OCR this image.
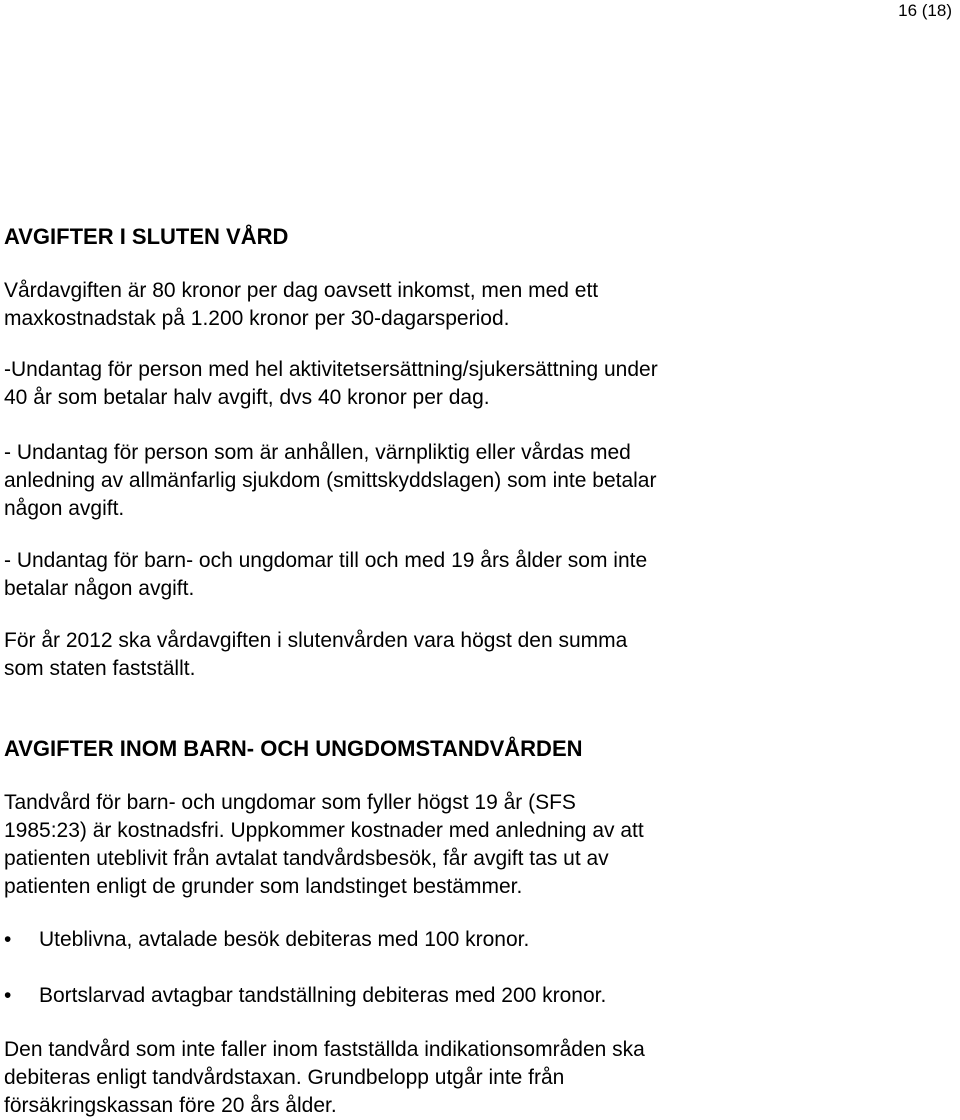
16 (18)
AVGIFTER I SLUTEN VÅRD
Vårdavgiften är 80 kronor per dag oavsett inkomst, men med ett
maxkostnadstak på 1.200 kronor per 30-dagarsperiod.
-Undantag för person med hel aktivitetsersättning/sjukersättning under
40 år som betalar halv avgift, dvs 40 kronor per dag.
- Undantag för person som är anhållen, värnpliktig eller vårdas med
anledning av allmänfarlig sjukdom (smittskyddslagen) som inte betalar
någon avgift.
- Undantag för barn- och ungdomar till och med 19 års ålder som inte
betalar någon avgift.
För år 2012 ska vårdavgiften i slutenvården vara högst den summa
som staten fastställt.
AVGIFTER INOM BARN- OCH UNGDOMSTANDVÅRDEN
Tandvård för barn- och ungdomar som fyller högst 19 år (SFS
1985:23) är kostnadsfri. Uppkommer kostnader med anledning av att
patienten uteblivit från avtalat tandvårdsbesök, får avgift tas ut av
patienten enligt de grunder som landstinget bestämmer.
•	Uteblivna, avtalade besök debiteras med 100 kronor.
•	Bortslarvad avtagbar tandställning debiteras med 200 kronor.
Den tandvård som inte faller inom fastställda indikationsområden ska
debiteras enligt tandvårdstaxan. Grundbelopp utgår inte från
försäkringskassan före 20 års ålder.
